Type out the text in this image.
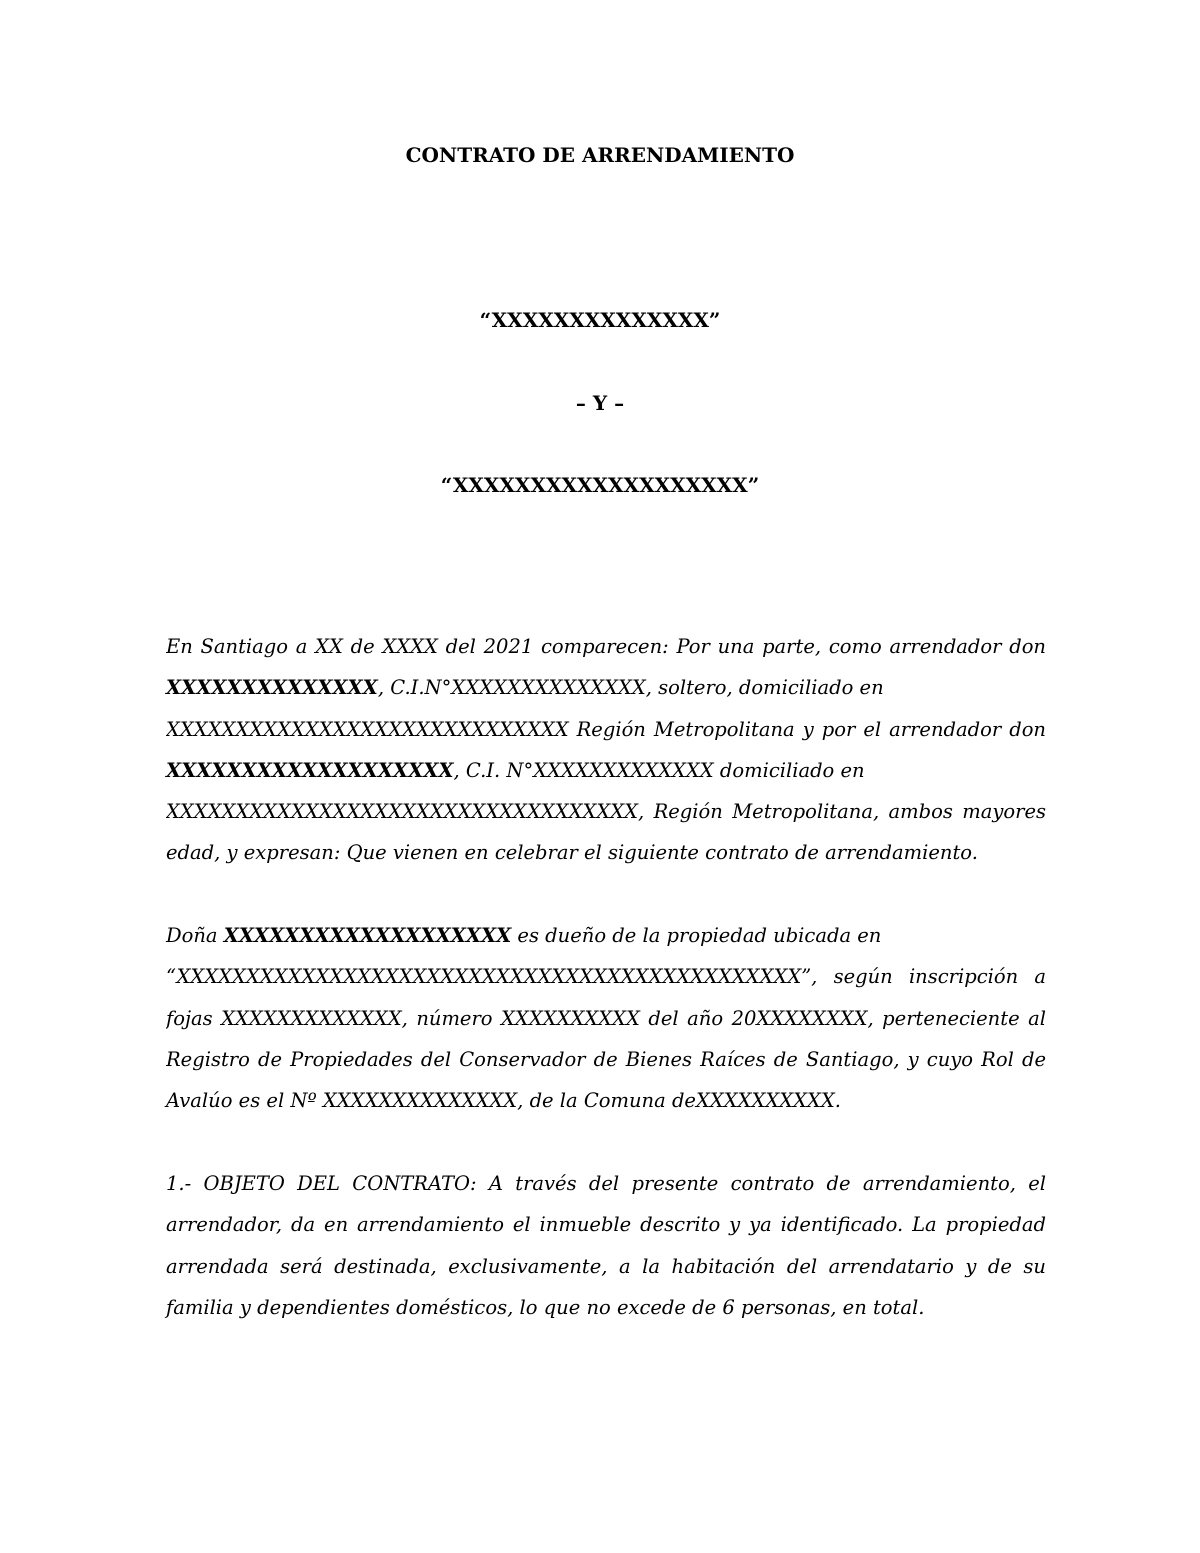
CONTRATO DE ARRENDAMIENTO
“XXXXXXXXXXXXXX”
– Y –
“XXXXXXXXXXXXXXXXXXX”
En Santiago a XX de XXXX del 2021 comparecen: Por una parte, como arrendador don
XXXXXXXXXXXXXX, C.I.N°XXXXXXXXXXXXXX, soltero, domiciliado en
XXXXXXXXXXXXXXXXXXXXXXXXXXXXX Región Metropolitana y por el arrendador don
XXXXXXXXXXXXXXXXXXX, C.I. N°XXXXXXXXXXXXX domiciliado en
XXXXXXXXXXXXXXXXXXXXXXXXXXXXXXXXXX, Región Metropolitana, ambos mayores
edad, y expresan: Que vienen en celebrar el siguiente contrato de arrendamiento.
Doña XXXXXXXXXXXXXXXXXXX es dueño de la propiedad ubicada en
“XXXXXXXXXXXXXXXXXXXXXXXXXXXXXXXXXXXXXXXXXXXXX”, según inscripción a
fojas XXXXXXXXXXXXX, número XXXXXXXXXX del año 20XXXXXXXX, perteneciente al
Registro de Propiedades del Conservador de Bienes Raíces de Santiago, y cuyo Rol de
Avalúo es el Nº XXXXXXXXXXXXXX, de la Comuna deXXXXXXXXXX.
1.- OBJETO DEL CONTRATO: A través del presente contrato de arrendamiento, el
arrendador, da en arrendamiento el inmueble descrito y ya identificado. La propiedad
arrendada será destinada, exclusivamente, a la habitación del arrendatario y de su
familia y dependientes domésticos, lo que no excede de 6 personas, en total.
